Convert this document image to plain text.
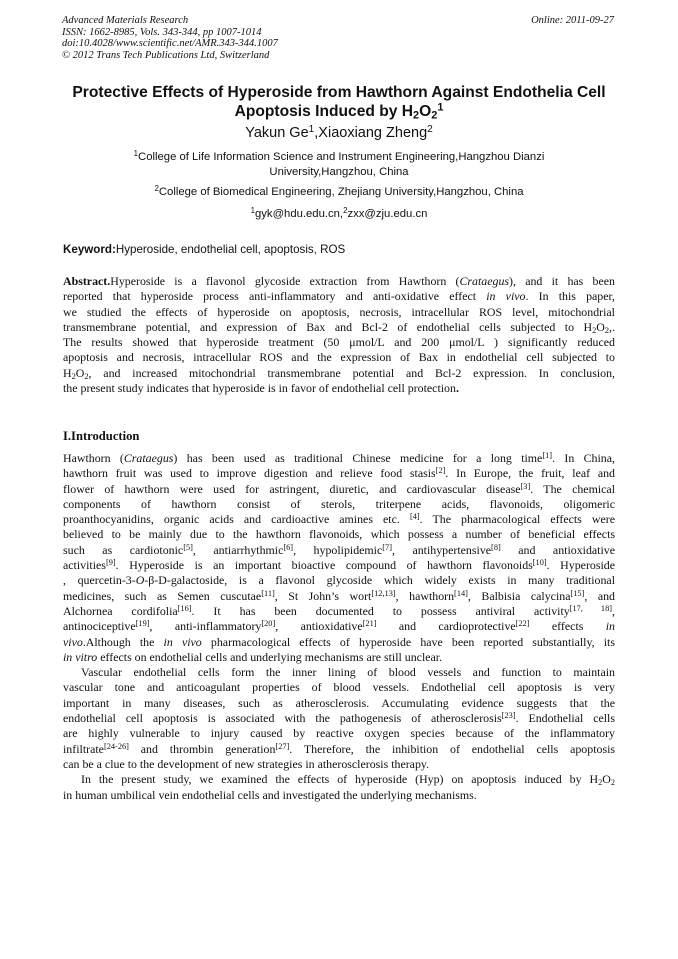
Advanced Materials Research
ISSN: 1662-8985, Vols. 343-344, pp 1007-1014
doi:10.4028/www.scientific.net/AMR.343-344.1007
© 2012 Trans Tech Publications Ltd, Switzerland
Online: 2011-09-27
Protective Effects of Hyperoside from Hawthorn Against Endothelia Cell
Apoptosis Induced by $H_2O_2^1$
Yakun Ge$^1$,Xiaoxiang Zheng$^2$
$^1$College of Life Information Science and Instrument Engineering,Hangzhou Dianzi
University,Hangzhou, China
$^2$College of Biomedical Engineering, Zhejiang University,Hangzhou, China
$^1$gyk@hdu.edu.cn,$^2$zxx@zju.edu.cn
Keyword:Hyperoside, endothelial cell, apoptosis, ROS
Abstract.Hyperoside is a flavonol glycoside extraction from Hawthorn (Crataegus), and it has been
reported that hyperoside process anti-inflammatory and anti-oxidative effect in vivo. In this paper,
we studied the effects of hyperoside on apoptosis, necrosis, intracellular ROS level, mitochondrial
transmembrane potential, and expression of Bax and Bcl-2 of endothelial cells subjected to $H_2O_2$,.
The results showed that hyperoside treatment (50 μmol/L and 200 μmol/L ) significantly reduced
apoptosis and necrosis, intracellular ROS and the expression of Bax in endothelial cell subjected to
$H_2O_2$, and increased mitochondrial transmembrane potential and Bcl-2 expression. In conclusion,
the present study indicates that hyperoside is in favor of endothelial cell protection.
I.Introduction
Hawthorn (Crataegus) has been used as traditional Chinese medicine for a long time[1]. In China,
hawthorn fruit was used to improve digestion and relieve food stasis[2]. In Europe, the fruit, leaf and
flower of hawthorn were used for astringent, diuretic, and cardiovascular disease[3]. The chemical
components of hawthorn consist of sterols, triterpene acids, flavonoids, oligomeric
proanthocyanidins, organic acids and cardioactive amines etc. [4]. The pharmacological effects were
believed to be mainly due to the hawthorn flavonoids, which possess a number of beneficial effects
such as cardiotonic[5], antiarrhythmic[6], hypolipidemic[7], antihypertensive[8] and antioxidative
activities[9]. Hyperoside is an important bioactive compound of hawthorn flavonoids[10]. Hyperoside
, quercetin-3-O-β-D-galactoside, is a flavonol glycoside which widely exists in many traditional
medicines, such as Semen cuscutae[11], St John’s wort[12,13], hawthorn[14], Balbisia calycina[15], and
Alchornea cordifolia[16]. It has been documented to possess antiviral activity[17, 18],
antinociceptive[19], anti-inflammatory[20], antioxidative[21] and cardioprotective[22] effects in
vivo.Although the in vivo pharmacological effects of hyperoside have been reported substantially, its
in vitro effects on endothelial cells and underlying mechanisms are still unclear.
Vascular endothelial cells form the inner lining of blood vessels and function to maintain
vascular tone and anticoagulant properties of blood vessels. Endothelial cell apoptosis is very
important in many diseases, such as atherosclerosis. Accumulating evidence suggests that the
endothelial cell apoptosis is associated with the pathogenesis of atherosclerosis[23]. Endothelial cells
are highly vulnerable to injury caused by reactive oxygen species because of the inflammatory
infiltrate[24-26] and thrombin generation[27]. Therefore, the inhibition of endothelial cells apoptosis
can be a clue to the development of new strategies in atherosclerosis therapy.
In the present study, we examined the effects of hyperoside (Hyp) on apoptosis induced by $H_2O_2$
in human umbilical vein endothelial cells and investigated the underlying mechanisms.
